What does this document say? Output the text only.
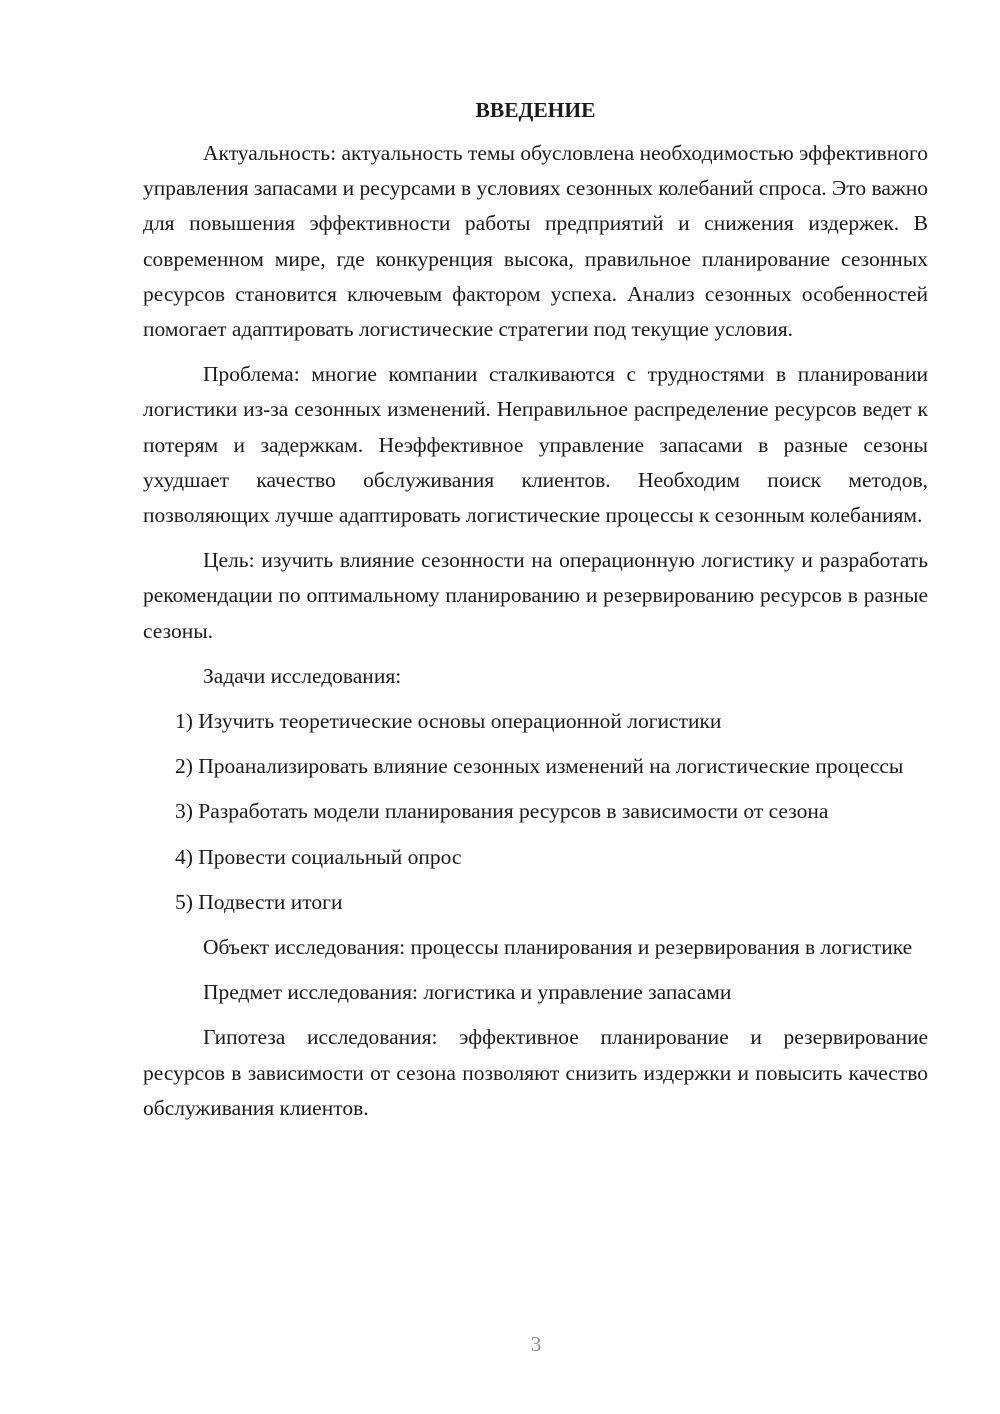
ВВЕДЕНИЕ

Актуальность: актуальность темы обусловлена необходимостью эффективного управления запасами и ресурсами в условиях сезонных колебаний спроса. Это важно для повышения эффективности работы предприятий и снижения издержек. В современном мире, где конкуренция высока, правильное планирование сезонных ресурсов становится ключевым фактором успеха. Анализ сезонных особенностей помогает адаптировать логистические стратегии под текущие условия.

Проблема: многие компании сталкиваются с трудностями в планировании логистики из-за сезонных изменений. Неправильное распределение ресурсов ведет к потерям и задержкам. Неэффективное управление запасами в разные сезоны ухудшает качество обслуживания клиентов. Необходим поиск методов, позволяющих лучше адаптировать логистические процессы к сезонным колебаниям.

Цель: изучить влияние сезонности на операционную логистику и разработать рекомендации по оптимальному планированию и резервированию ресурсов в разные сезоны.

Задачи исследования:

1) Изучить теоретические основы операционной логистики

2) Проанализировать влияние сезонных изменений на логистические процессы

3) Разработать модели планирования ресурсов в зависимости от сезона

4) Провести социальный опрос

5) Подвести итоги

Объект исследования: процессы планирования и резервирования в логистике

Предмет исследования: логистика и управление запасами

Гипотеза исследования: эффективное планирование и резервирование ресурсов в зависимости от сезона позволяют снизить издержки и повысить качество обслуживания клиентов.

3
